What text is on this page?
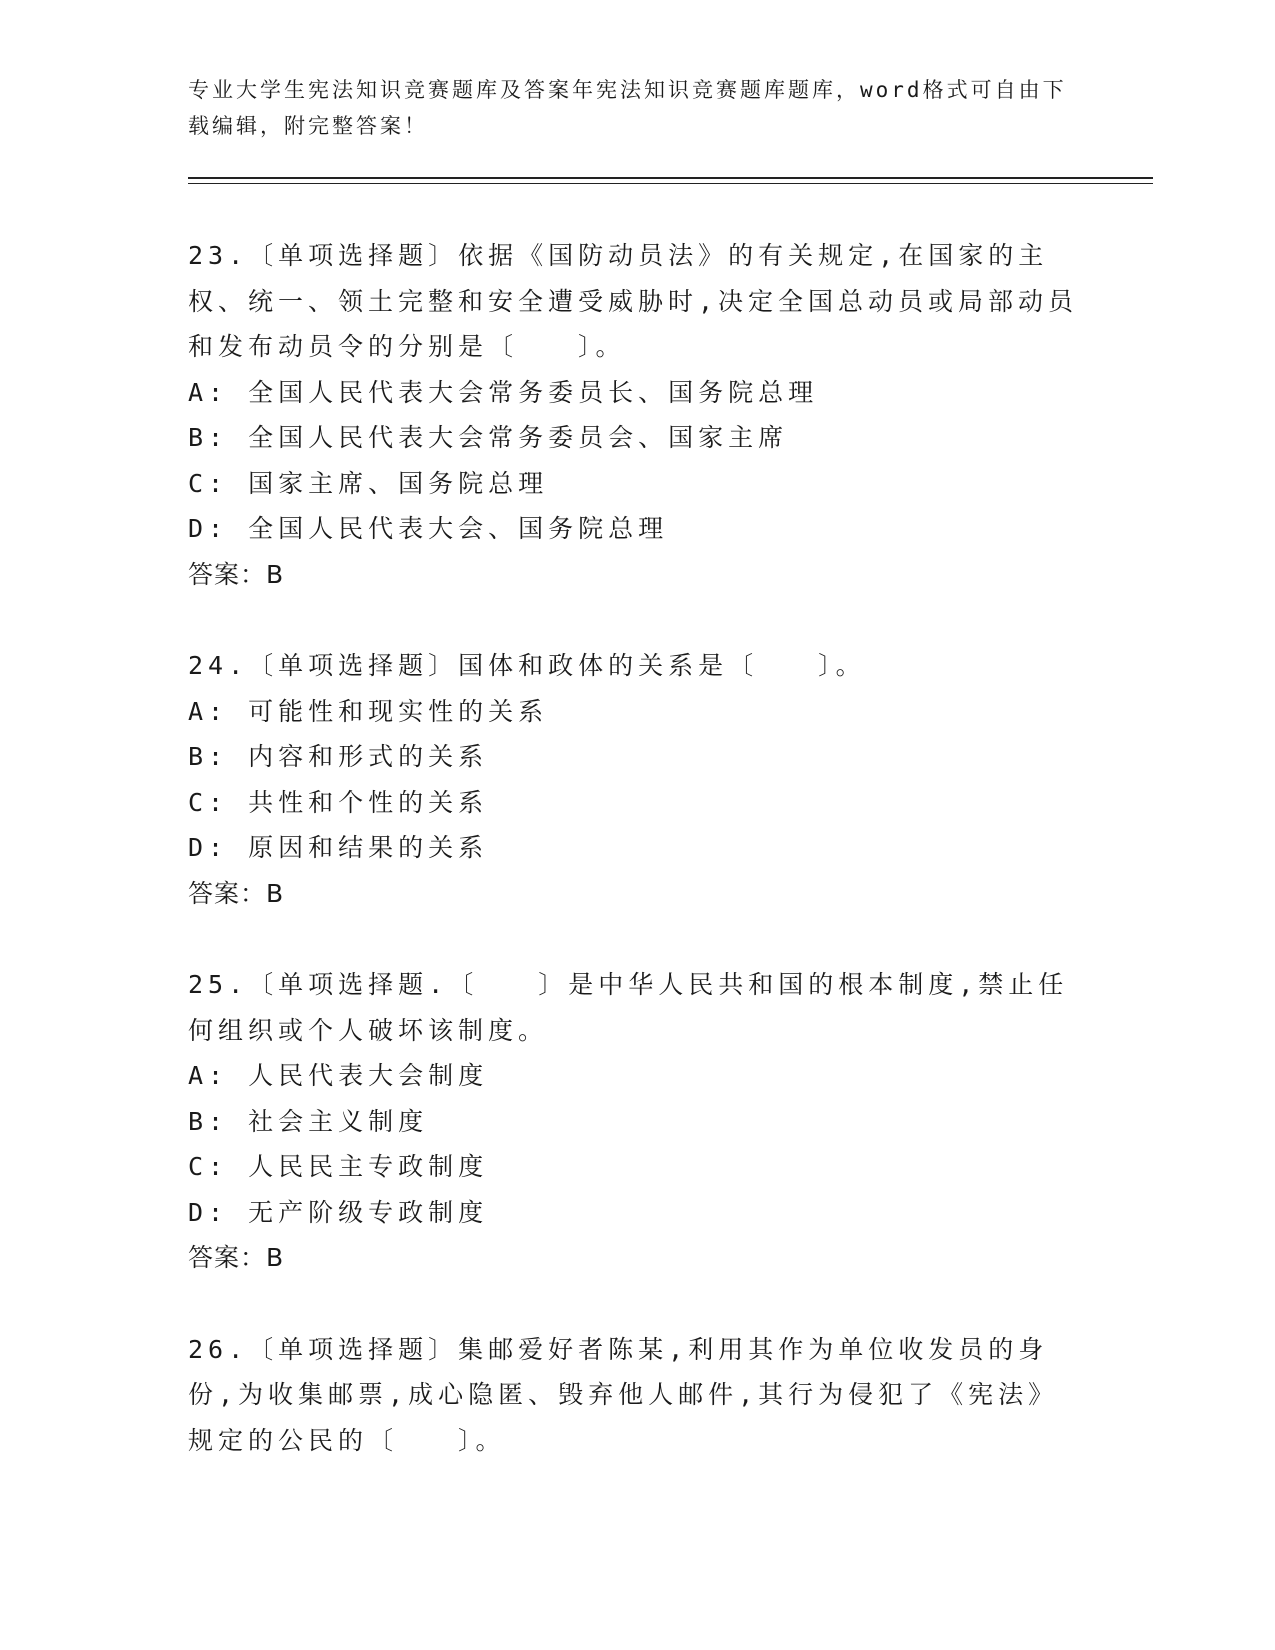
专业大学生宪法知识竞赛题库及答案年宪法知识竞赛题库题库，word格式可自由下载编辑，附完整答案！

23.〔单项选择题〕依据《国防动员法》的有关规定,在国家的主权、统一、领土完整和安全遭受威胁时,决定全国总动员或局部动员和发布动员令的分别是〔　　〕。

A: 全国人民代表大会常务委员长、国务院总理
B: 全国人民代表大会常务委员会、国家主席
C: 国家主席、国务院总理
D: 全国人民代表大会、国务院总理
答案：B

24.〔单项选择题〕国体和政体的关系是〔　　〕。

A: 可能性和现实性的关系
B: 内容和形式的关系
C: 共性和个性的关系
D: 原因和结果的关系
答案：B

25.〔单项选择题.〔　　〕是中华人民共和国的根本制度,禁止任何组织或个人破坏该制度。

A: 人民代表大会制度
B: 社会主义制度
C: 人民民主专政制度
D: 无产阶级专政制度
答案：B

26.〔单项选择题〕集邮爱好者陈某,利用其作为单位收发员的身份,为收集邮票,成心隐匿、毁弃他人邮件,其行为侵犯了《宪法》规定的公民的〔　　〕。
